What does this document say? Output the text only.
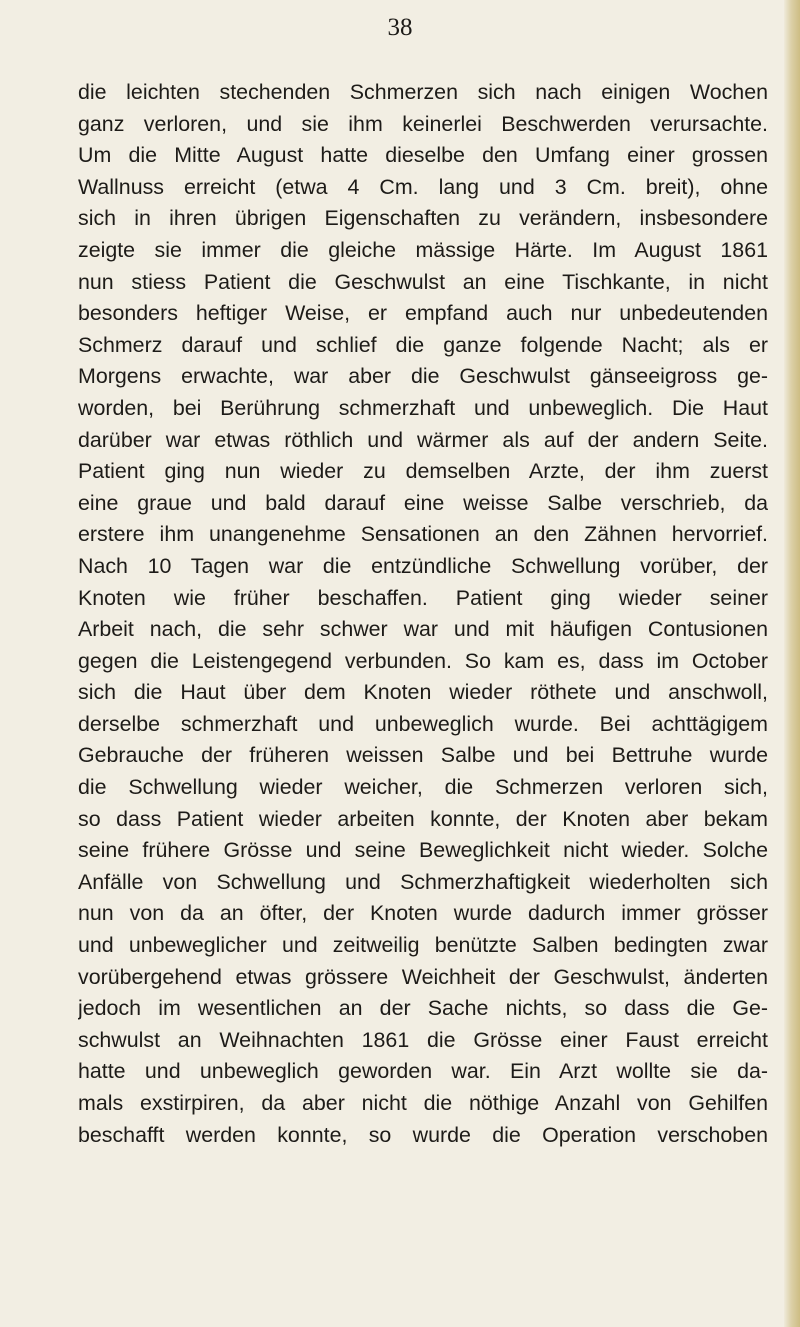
38

die leichten stechenden Schmerzen sich nach einigen Wochen
ganz verloren, und sie ihm keinerlei Beschwerden verursachte.
Um die Mitte August hatte dieselbe den Umfang einer grossen
Wallnuss erreicht (etwa 4 Cm. lang und 3 Cm. breit), ohne
sich in ihren übrigen Eigenschaften zu verändern, insbesondere
zeigte sie immer die gleiche mässige Härte. Im August 1861
nun stiess Patient die Geschwulst an eine Tischkante, in nicht
besonders heftiger Weise, er empfand auch nur unbedeutenden
Schmerz darauf und schlief die ganze folgende Nacht; als er
Morgens erwachte, war aber die Geschwulst gänseeigross ge-
worden, bei Berührung schmerzhaft und unbeweglich. Die Haut
darüber war etwas röthlich und wärmer als auf der andern Seite.
Patient ging nun wieder zu demselben Arzte, der ihm zuerst
eine graue und bald darauf eine weisse Salbe verschrieb, da
erstere ihm unangenehme Sensationen an den Zähnen hervorrief.
Nach 10 Tagen war die entzündliche Schwellung vorüber, der
Knoten wie früher beschaffen. Patient ging wieder seiner
Arbeit nach, die sehr schwer war und mit häufigen Contusionen
gegen die Leistengegend verbunden. So kam es, dass im October
sich die Haut über dem Knoten wieder röthete und anschwoll,
derselbe schmerzhaft und unbeweglich wurde. Bei achttägigem
Gebrauche der früheren weissen Salbe und bei Bettruhe wurde
die Schwellung wieder weicher, die Schmerzen verloren sich,
so dass Patient wieder arbeiten konnte, der Knoten aber bekam
seine frühere Grösse und seine Beweglichkeit nicht wieder. Solche
Anfälle von Schwellung und Schmerzhaftigkeit wiederholten sich
nun von da an öfter, der Knoten wurde dadurch immer grösser
und unbeweglicher und zeitweilig benützte Salben bedingten zwar
vorübergehend etwas grössere Weichheit der Geschwulst, änderten
jedoch im wesentlichen an der Sache nichts, so dass die Ge-
schwulst an Weihnachten 1861 die Grösse einer Faust erreicht
hatte und unbeweglich geworden war. Ein Arzt wollte sie da-
mals exstirpiren, da aber nicht die nöthige Anzahl von Gehilfen
beschafft werden konnte, so wurde die Operation verschoben
